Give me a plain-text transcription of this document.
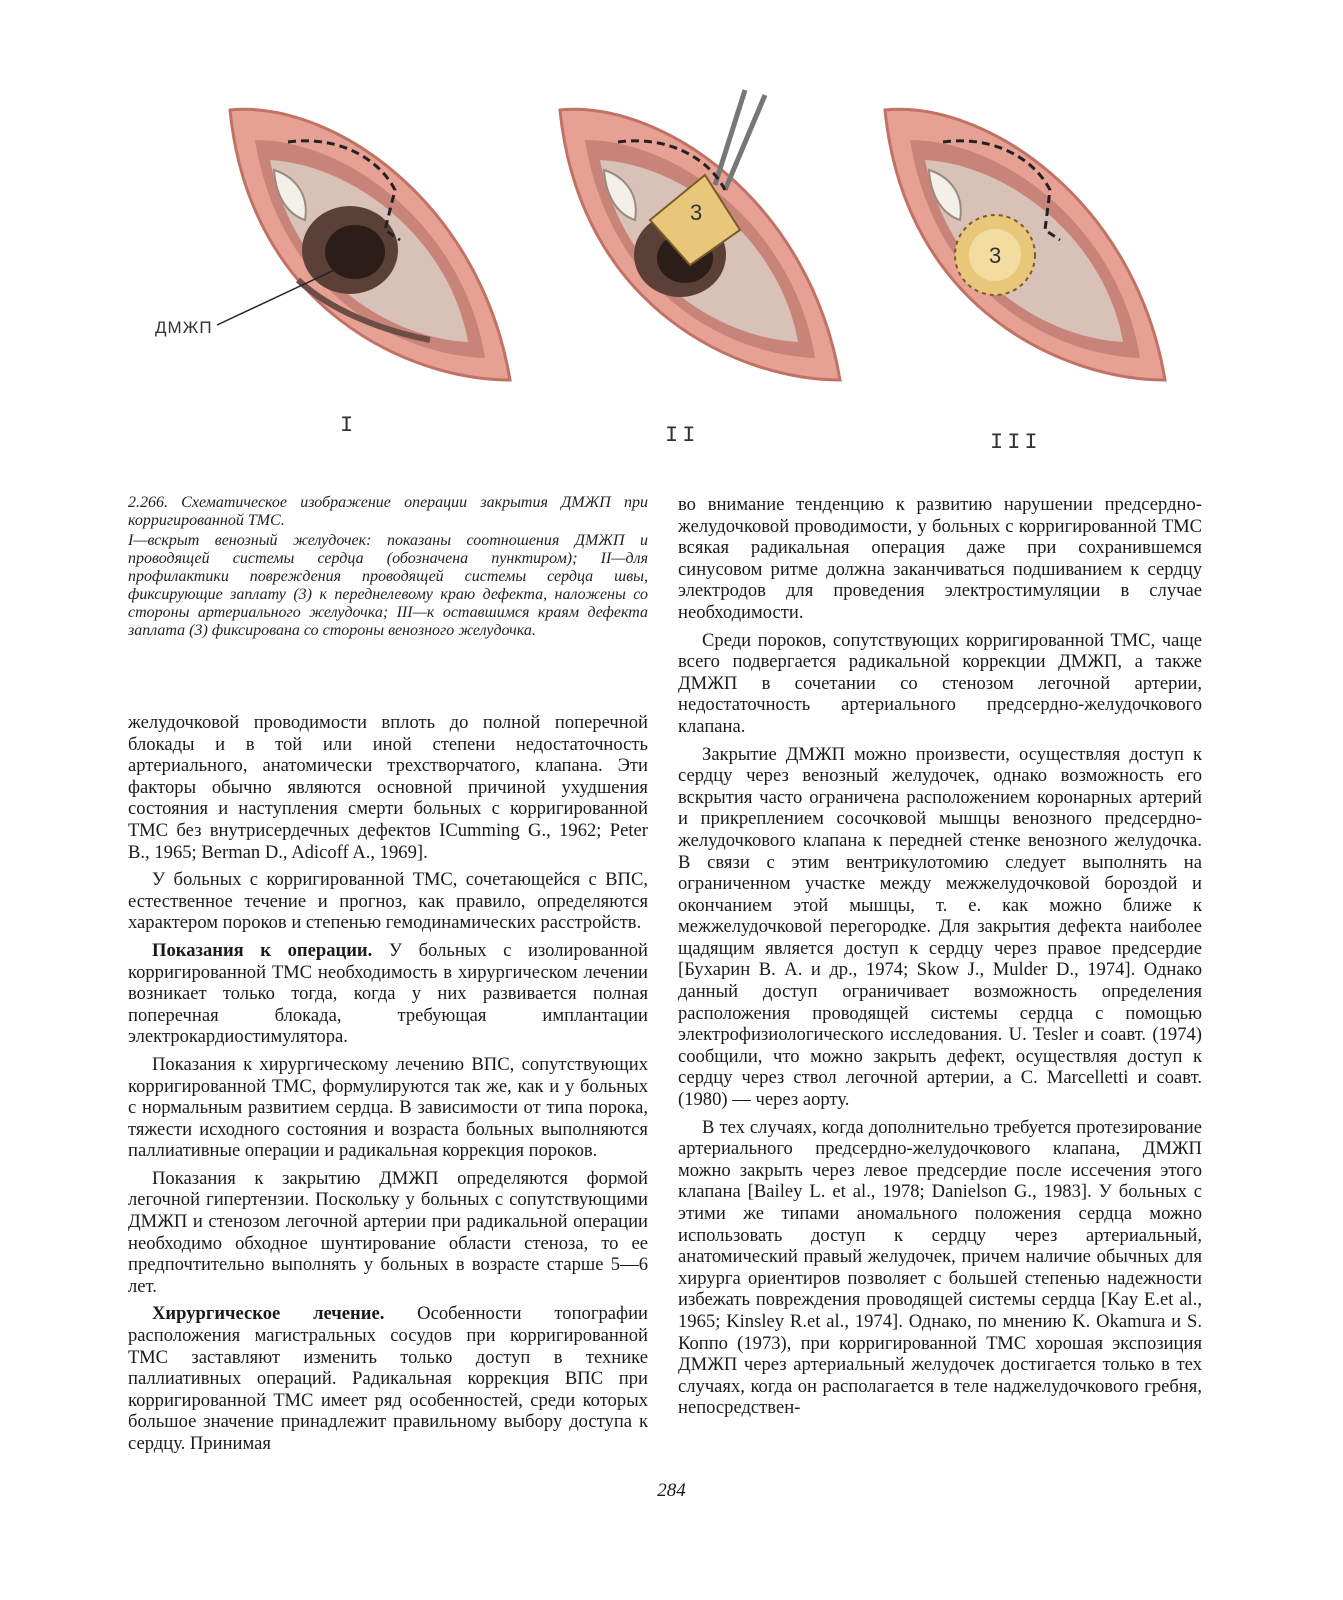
ДМЖП
I
3
II
3
III

2.266. Схематическое изображение операции закрытия ДМЖП при корригированной ТМС.

I—вскрыт венозный желудочек: показаны соотношения ДМЖП и проводящей системы сердца (обозначена пунктиром); II—для профилактики повреждения проводящей системы сердца швы, фиксирующие заплату (3) к переднелевому краю дефекта, наложены со стороны артериального желудочка; III—к оставшимся краям дефекта заплата (3) фиксирована со стороны венозного желудочка.

желудочковой проводимости вплоть до полной поперечной блокады и в той или иной степени недостаточность артериального, анатомически трехстворчатого, клапана. Эти факторы обычно являются основной причиной ухудшения состояния и наступления смерти больных с корригированной ТМС без внутрисердечных дефектов ICumming G., 1962; Peter B., 1965; Berman D., Adicoff A., 1969].

У больных с корригированной ТМС, сочетающейся с ВПС, естественное течение и прогноз, как правило, определяются характером пороков и степенью гемодинамических расстройств.

Показания к операции. У больных с изолированной корригированной ТМС необходимость в хирургическом лечении возникает только тогда, когда у них развивается полная поперечная блокада, требующая имплантации электрокардиостимулятора.

Показания к хирургическому лечению ВПС, сопутствующих корригированной ТМС, формулируются так же, как и у больных с нормальным развитием сердца. В зависимости от типа порока, тяжести исходного состояния и возраста больных выполняются паллиативные операции и радикальная коррекция пороков.

Показания к закрытию ДМЖП определяются формой легочной гипертензии. Поскольку у больных с сопутствующими ДМЖП и стенозом легочной артерии при радикальной операции необходимо обходное шунтирование области стеноза, то ее предпочтительно выполнять у больных в возрасте старше 5—6 лет.

Хирургическое лечение. Особенности топографии расположения магистральных сосудов при корригированной ТМС заставляют изменить только доступ в технике паллиативных операций. Радикальная коррекция ВПС при корригированной ТМС имеет ряд особенностей, среди которых большое значение принадлежит правильному выбору доступа к сердцу. Принимая

во внимание тенденцию к развитию нарушении предсердно-желудочковой проводимости, у больных с корригированной ТМС всякая радикальная операция даже при сохранившемся синусовом ритме должна заканчиваться подшиванием к сердцу электродов для проведения электростимуляции в случае необходимости.

Среди пороков, сопутствующих корригированной ТМС, чаще всего подвергается радикальной коррекции ДМЖП, а также ДМЖП в сочетании со стенозом легочной артерии, недостаточность артериального предсердно-желудочкового клапана.

Закрытие ДМЖП можно произвести, осуществляя доступ к сердцу через венозный желудочек, однако возможность его вскрытия часто ограничена расположением коронарных артерий и прикреплением сосочковой мышцы венозного предсердно-желудочкового клапана к передней стенке венозного желудочка. В связи с этим вентрикулотомию следует выполнять на ограниченном участке между межжелудочковой бороздой и окончанием этой мышцы, т. е. как можно ближе к межжелудочковой перегородке. Для закрытия дефекта наиболее щадящим является доступ к сердцу через правое предсердие [Бухарин В. А. и др., 1974; Skow J., Mulder D., 1974]. Однако данный доступ ограничивает возможность определения расположения проводящей системы сердца с помощью электрофизиологического исследования. U. Tesler и соавт. (1974) сообщили, что можно закрыть дефект, осуществляя доступ к сердцу через ствол легочной артерии, а C. Marcelletti и соавт. (1980) — через аорту.

В тех случаях, когда дополнительно требуется протезирование артериального предсердно-желудочкового клапана, ДМЖП можно закрыть через левое предсердие после иссечения этого клапана [Bailey L. et al., 1978; Danielson G., 1983]. У больных с этими же типами аномального положения сердца можно использовать доступ к сердцу через артериальный, анатомический правый желудочек, причем наличие обычных для хирурга ориентиров позволяет с большей степенью надежности избежать повреждения проводящей системы сердца [Kay E.et al., 1965; Kinsley R.et al., 1974]. Однако, по мнению K. Okamura и S. Коппо (1973), при корригированной ТМС хорошая экспозиция ДМЖП через артериальный желудочек достигается только в тех случаях, когда он располагается в теле наджелудочкового гребня, непосредствен-

284
